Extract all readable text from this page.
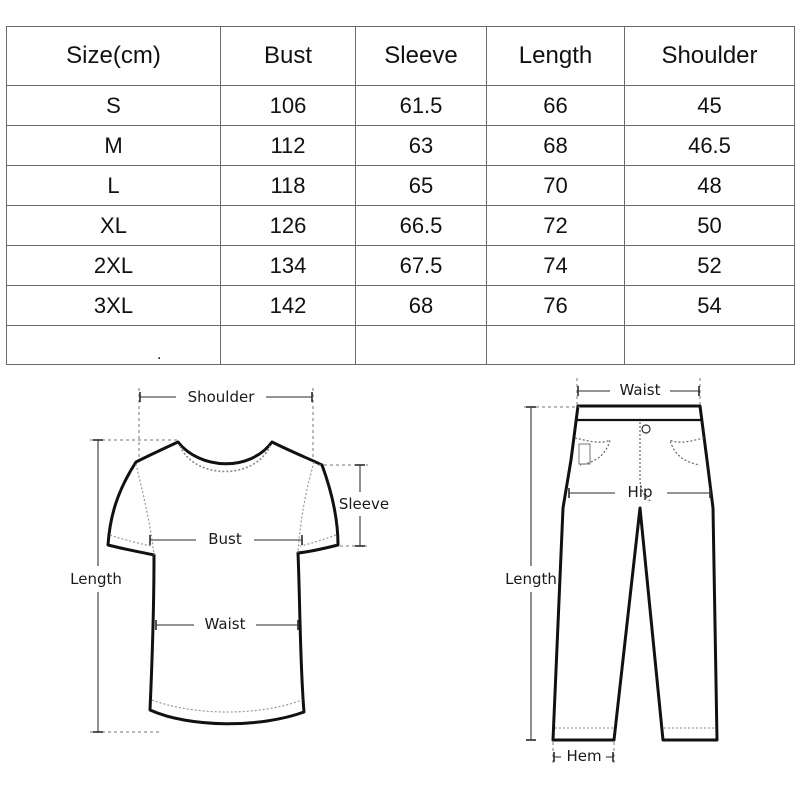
Size(cm)	Bust	Sleeve	Length	Shoulder
S	106	61.5	66	45
M	112	63	68	46.5
L	118	65	70	48
XL	126	66.5	72	50
2XL	134	67.5	74	52
3XL	142	68	76	54
.				
Shoulder
Sleeve
Bust
Waist
Length
Waist
Hip
Length
Hem
